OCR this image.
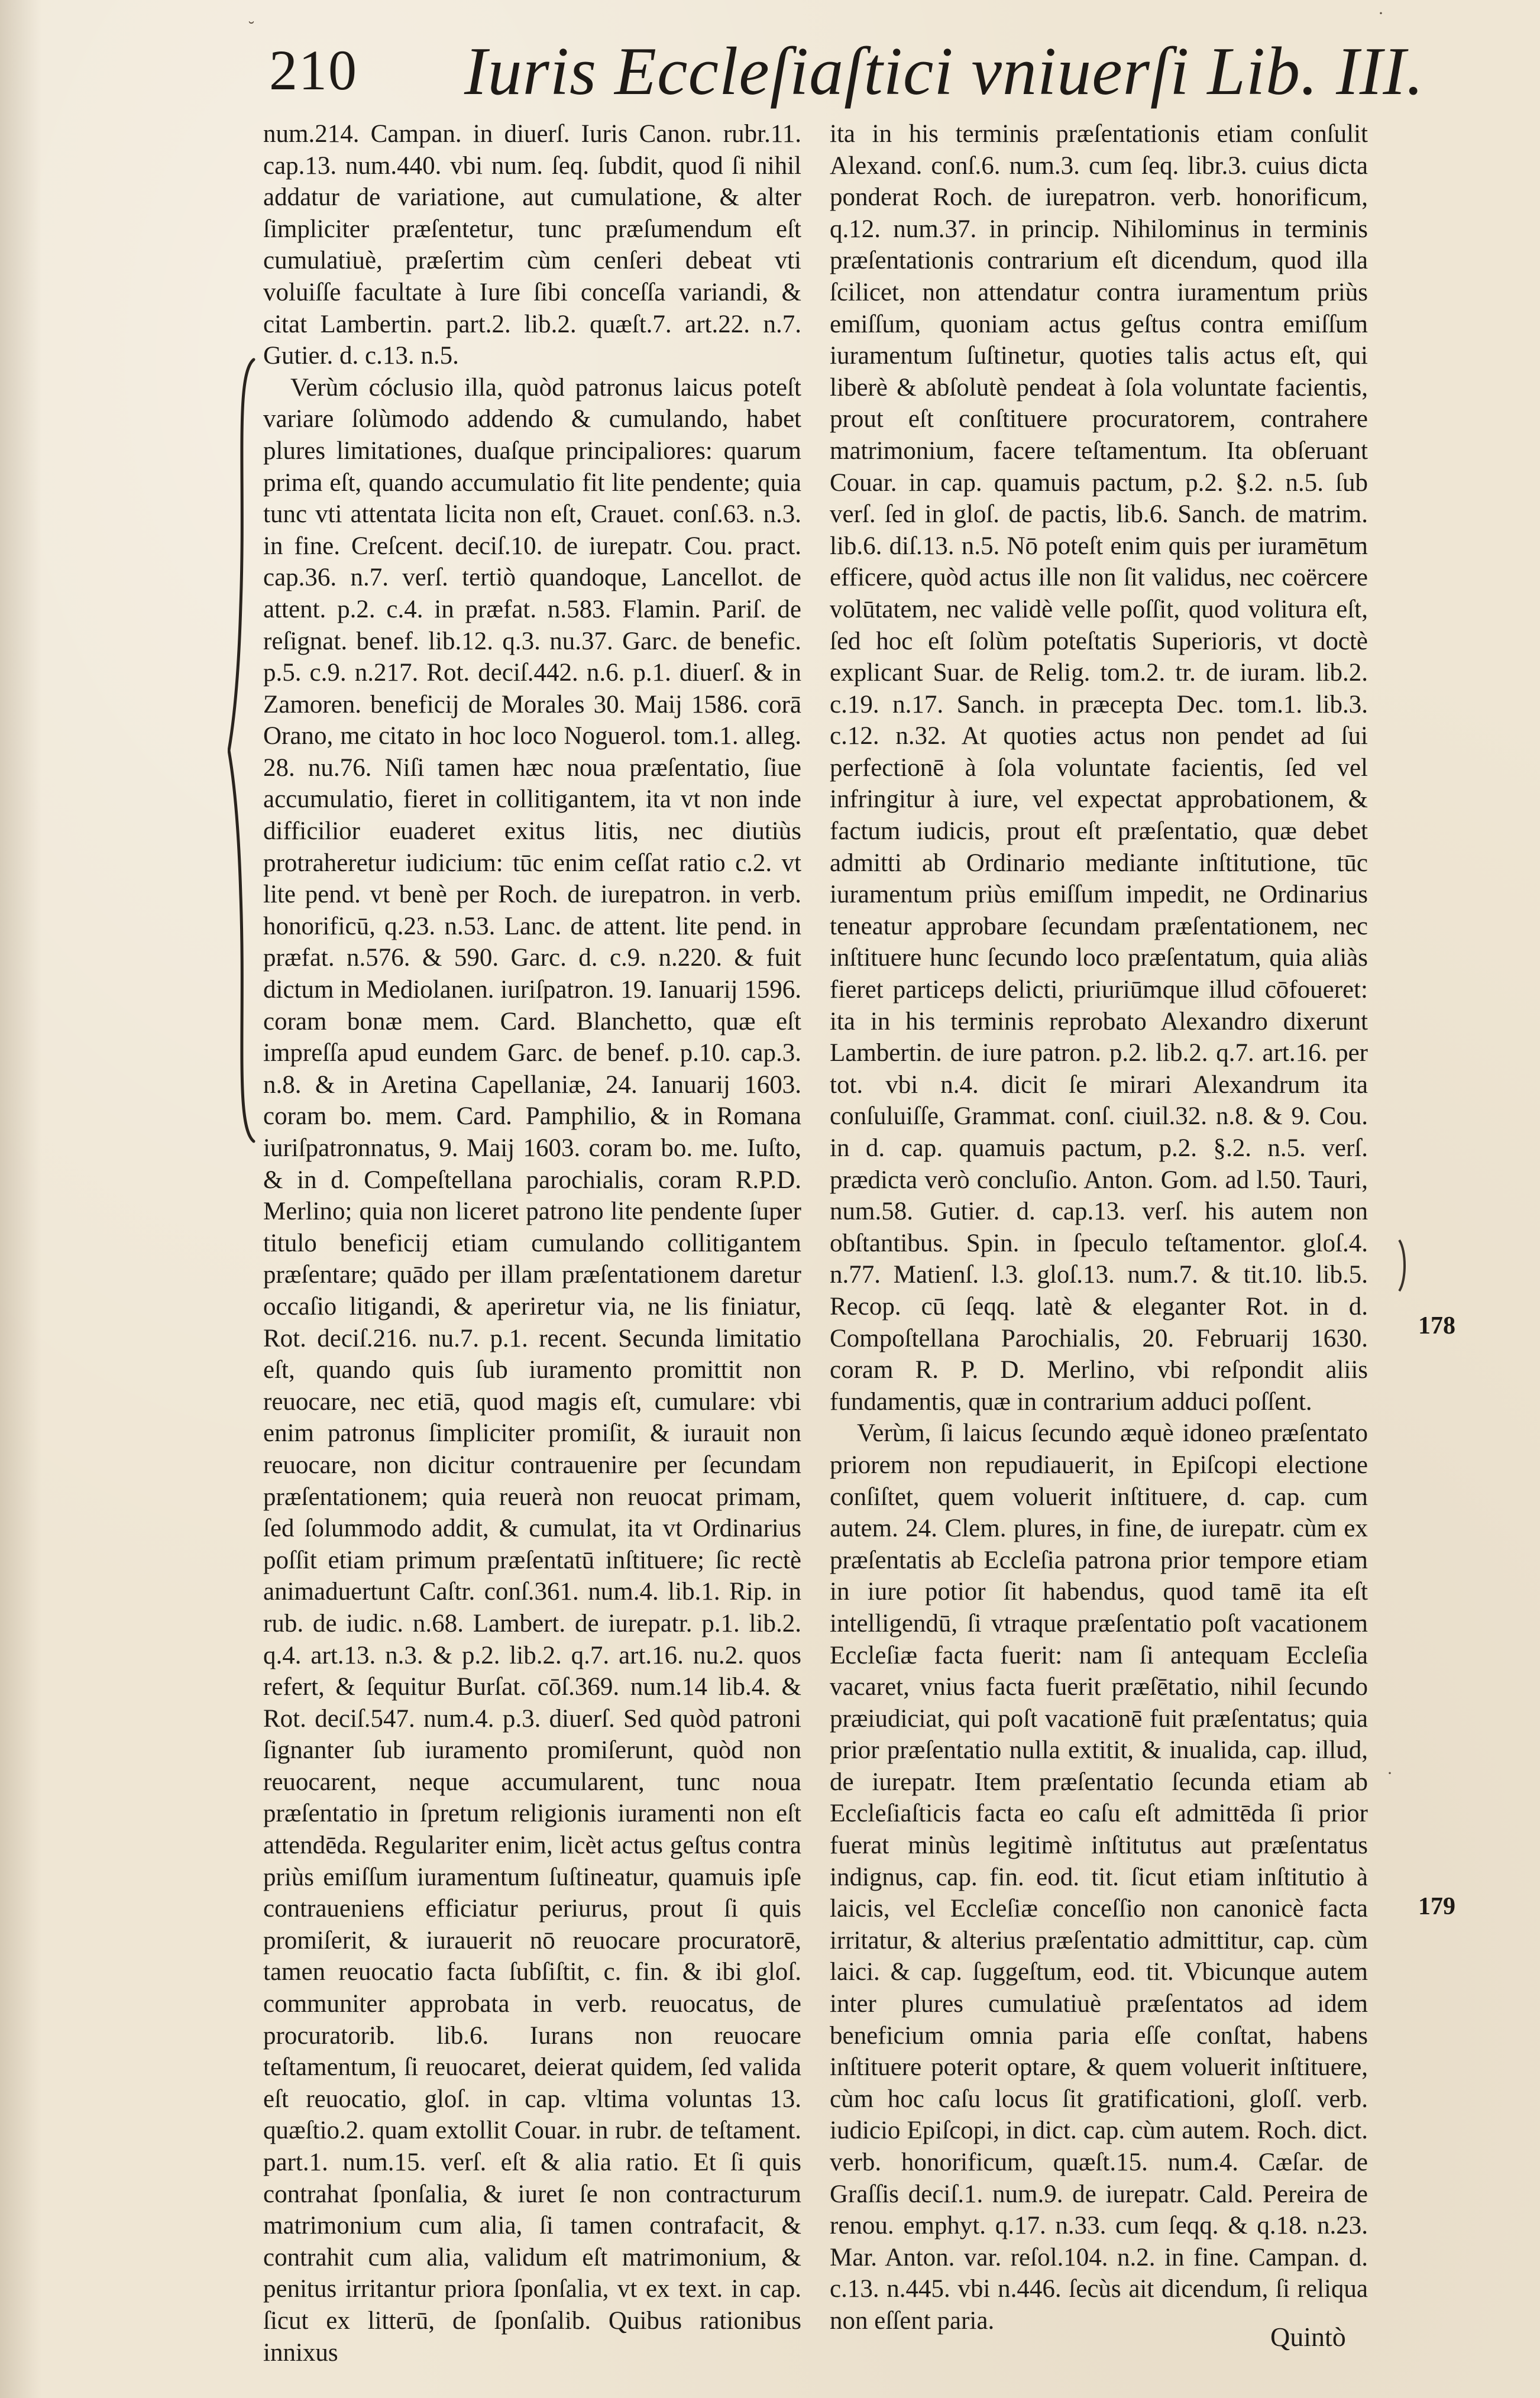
˘
·
210 Iuris Eccleſiaſtici vniuerſi Lib. III.

num.214. Campan. in diuerſ. Iuris Canon. rubr.11. cap.13. num.440. vbi num. ſeq. ſubdit, quod ſi nihil addatur de variatione, aut cumulatione, & alter ſimpliciter præſentetur, tunc præſumendum eſt cumulatiuè, præſertim cùm cenſeri debeat vti voluiſſe facultate à Iure ſibi conceſſa variandi, & citat Lambertin. part.2. lib.2. quæſt.7. art.22. n.7. Gutier. d. c.13. n.5.

Verùm cóclusio illa, quòd patronus laicus poteſt variare ſolùmodo addendo & cumulando, habet plures limitationes, duaſque principaliores: quarum prima eſt, quando accumulatio fit lite pendente; quia tunc vti attentata licita non eſt, Crauet. conſ.63. n.3. in fine. Creſcent. deciſ.10. de iurepatr. Cou. pract. cap.36. n.7. verſ. tertiò quandoque, Lancellot. de attent. p.2. c.4. in præfat. n.583. Flamin. Pariſ. de reſignat. benef. lib.12. q.3. nu.37. Garc. de benefic. p.5. c.9. n.217. Rot. deciſ.442. n.6. p.1. diuerſ. & in Zamoren. beneficij de Morales 30. Maij 1586. corā Orano, me citato in hoc loco Noguerol. tom.1. alleg. 28. nu.76. Niſi tamen hæc noua præſentatio, ſiue accumulatio, fieret in collitigantem, ita vt non inde difficilior euaderet exitus litis, nec diutiùs protraheretur iudicium: tūc enim ceſſat ratio c.2. vt lite pend. vt benè per Roch. de iurepatron. in verb. honorificū, q.23. n.53. Lanc. de attent. lite pend. in præfat. n.576. & 590. Garc. d. c.9. n.220. & fuit dictum in Mediolanen. iuriſpatron. 19. Ianuarij 1596. coram bonæ mem. Card. Blanchetto, quæ eſt impreſſa apud eundem Garc. de benef. p.10. cap.3. n.8. & in Aretina Capellaniæ, 24. Ianuarij 1603. coram bo. mem. Card. Pamphilio, & in Romana iuriſpatronnatus, 9. Maij 1603. coram bo. me. Iuſto, & in d. Compeſtellana parochialis, coram R.P.D. Merlino; quia non liceret patrono lite pendente ſuper titulo beneficij etiam cumulando collitigantem præſentare; quādo per illam præſentationem daretur occaſio litigandi, & aperiretur via, ne lis finiatur, Rot. deciſ.216. nu.7. p.1. recent. Secunda limitatio eſt, quando quis ſub iuramento promittit non reuocare, nec etiā, quod magis eſt, cumulare: vbi enim patronus ſimpliciter promiſit, & iurauit non reuocare, non dicitur contrauenire per ſecundam præſentationem; quia reuerà non reuocat primam, ſed ſolummodo addit, & cumulat, ita vt Ordinarius poſſit etiam primum præſentatū inſtituere; ſic rectè animaduertunt Caſtr. conſ.361. num.4. lib.1. Rip. in rub. de iudic. n.68. Lambert. de iurepatr. p.1. lib.2. q.4. art.13. n.3. & p.2. lib.2. q.7. art.16. nu.2. quos refert, & ſequitur Burſat. cōſ.369. num.14 lib.4. & Rot. deciſ.547. num.4. p.3. diuerſ. Sed quòd patroni ſignanter ſub iuramento promiſerunt, quòd non reuocarent, neque accumularent, tunc noua præſentatio in ſpretum religionis iuramenti non eſt attendēda. Regulariter enim, licèt actus geſtus contra priùs emiſſum iuramentum ſuſtineatur, quamuis ipſe contraueniens efficiatur periurus, prout ſi quis promiſerit, & iurauerit nō reuocare procuratorē, tamen reuocatio facta ſubſiſtit, c. fin. & ibi gloſ. communiter approbata in verb. reuocatus, de procuratorib. lib.6. Iurans non reuocare teſtamentum, ſi reuocaret, deierat quidem, ſed valida eſt reuocatio, gloſ. in cap. vltima voluntas 13. quæſtio.2. quam extollit Couar. in rubr. de teſtament. part.1. num.15. verſ. eſt & alia ratio. Et ſi quis contrahat ſponſalia, & iuret ſe non contracturum matrimonium cum alia, ſi tamen contrafacit, & contrahit cum alia, validum eſt matrimonium, & penitus irritantur priora ſponſalia, vt ex text. in cap. ſicut ex litterū, de ſponſalib. Quibus rationibus innixus

ita in his terminis præſentationis etiam conſulit Alexand. conſ.6. num.3. cum ſeq. libr.3. cuius dicta ponderat Roch. de iurepatron. verb. honorificum, q.12. num.37. in princip. Nihilominus in terminis præſentationis contrarium eſt dicendum, quod illa ſcilicet, non attendatur contra iuramentum priùs emiſſum, quoniam actus geſtus contra emiſſum iuramentum ſuſtinetur, quoties talis actus eſt, qui liberè & abſolutè pendeat à ſola voluntate facientis, prout eſt conſtituere procuratorem, contrahere matrimonium, facere teſtamentum. Ita obſeruant Couar. in cap. quamuis pactum, p.2. §.2. n.5. ſub verſ. ſed in gloſ. de pactis, lib.6. Sanch. de matrim. lib.6. diſ.13. n.5. Nō poteſt enim quis per iuramētum efficere, quòd actus ille non ſit validus, nec coërcere volūtatem, nec validè velle poſſit, quod volitura eſt, ſed hoc eſt ſolùm poteſtatis Superioris, vt doctè explicant Suar. de Relig. tom.2. tr. de iuram. lib.2. c.19. n.17. Sanch. in præcepta Dec. tom.1. lib.3. c.12. n.32. At quoties actus non pendet ad ſui perfectionē à ſola voluntate facientis, ſed vel infringitur à iure, vel expectat approbationem, & factum iudicis, prout eſt præſentatio, quæ debet admitti ab Ordinario mediante inſtitutione, tūc iuramentum priùs emiſſum impedit, ne Ordinarius teneatur approbare ſecundam præſentationem, nec inſtituere hunc ſecundo loco præſentatum, quia aliàs fieret particeps delicti, priuriūmque illud cōfoueret: ita in his terminis reprobato Alexandro dixerunt Lambertin. de iure patron. p.2. lib.2. q.7. art.16. per tot. vbi n.4. dicit ſe mirari Alexandrum ita conſuluiſſe, Grammat. conſ. ciuil.32. n.8. & 9. Cou. in d. cap. quamuis pactum, p.2. §.2. n.5. verſ. prædicta verò concluſio. Anton. Gom. ad l.50. Tauri, num.58. Gutier. d. cap.13. verſ. his autem non obſtantibus. Spin. in ſpeculo teſtamentor. gloſ.4. n.77. Matienſ. l.3. gloſ.13. num.7. & tit.10. lib.5. Recop. cū ſeqq. latè & eleganter Rot. in d. Compoſtellana Parochialis, 20. Februarij 1630. coram R. P. D. Merlino, vbi reſpondit aliis fundamentis, quæ in contrarium adduci poſſent.

Verùm, ſi laicus ſecundo æquè idoneo præſentato priorem non repudiauerit, in Epiſcopi electione conſiſtet, quem voluerit inſtituere, d. cap. cum autem. 24. Clem. plures, in fine, de iurepatr. cùm ex præſentatis ab Eccleſia patrona prior tempore etiam in iure potior ſit habendus, quod tamē ita eſt intelligendū, ſi vtraque præſentatio poſt vacationem Eccleſiæ facta fuerit: nam ſi antequam Eccleſia vacaret, vnius facta fuerit præſētatio, nihil ſecundo præiudiciat, qui poſt vacationē fuit præſentatus; quia prior præſentatio nulla extitit, & inualida, cap. illud, de iurepatr. Item præſentatio ſecunda etiam ab Eccleſiaſticis facta eo caſu eſt admittēda ſi prior fuerat minùs legitimè inſtitutus aut præſentatus indignus, cap. fin. eod. tit. ſicut etiam inſtitutio à laicis, vel Eccleſiæ conceſſio non canonicè facta irritatur, & alterius præſentatio admittitur, cap. cùm laici. & cap. ſuggeſtum, eod. tit. Vbicunque autem inter plures cumulatiuè præſentatos ad idem beneficium omnia paria eſſe conſtat, habens inſtituere poterit optare, & quem voluerit inſtituere, cùm hoc caſu locus ſit gratificationi, gloſſ. verb. iudicio Epiſcopi, in dict. cap. cùm autem. Roch. dict. verb. honorificum, quæſt.15. num.4. Cæſar. de Graſſis deciſ.1. num.9. de iurepatr. Cald. Pereira de renou. emphyt. q.17. n.33. cum ſeqq. & q.18. n.23. Mar. Anton. var. reſol.104. n.2. in fine. Campan. d. c.13. n.445. vbi n.446. ſecùs ait dicendum, ſi reliqua non eſſent paria.

178
179
·
Quintò
